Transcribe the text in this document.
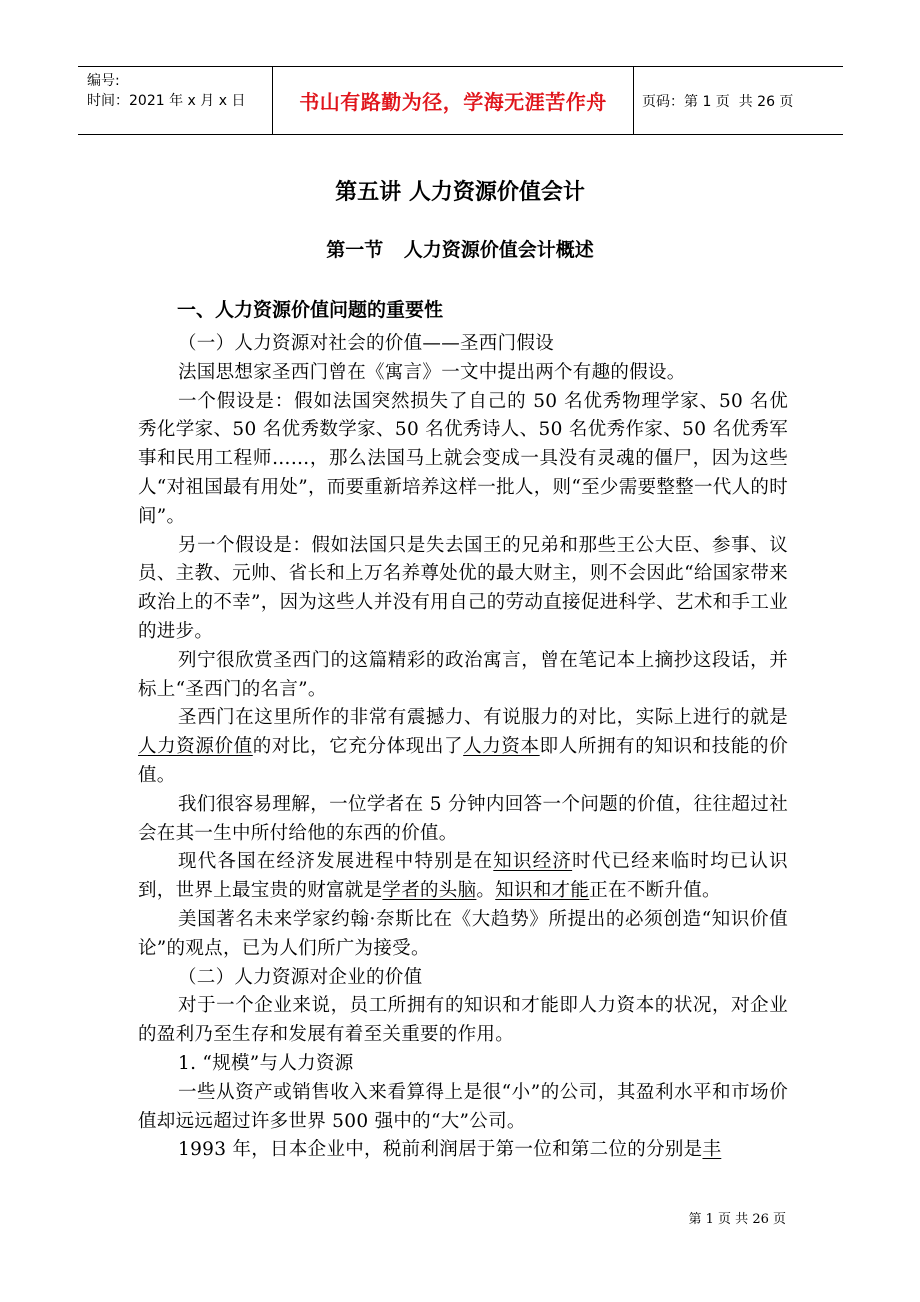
编号:
时间：2021 年 x 月 x 日	书山有路勤为径，学海无涯苦作舟	页码：第 1 页  共 26 页
第五讲 人力资源价值会计
第一节 人力资源价值会计概述
一、人力资源价值问题的重要性

（一）人力资源对社会的价值——圣西门假设

法国思想家圣西门曾在《寓言》一文中提出两个有趣的假设。

一个假设是：假如法国突然损失了自己的 50 名优秀物理学家、50 名优秀化学家、50 名优秀数学家、50 名优秀诗人、50 名优秀作家、50 名优秀军事和民用工程师……，那么法国马上就会变成一具没有灵魂的僵尸，因为这些人“对祖国最有用处”，而要重新培养这样一批人，则“至少需要整整一代人的时间”。

另一个假设是：假如法国只是失去国王的兄弟和那些王公大臣、参事、议员、主教、元帅、省长和上万名养尊处优的最大财主，则不会因此“给国家带来政治上的不幸”，因为这些人并没有用自己的劳动直接促进科学、艺术和手工业的进步。

列宁很欣赏圣西门的这篇精彩的政治寓言，曾在笔记本上摘抄这段话，并标上“圣西门的名言”。

圣西门在这里所作的非常有震撼力、有说服力的对比，实际上进行的就是人力资源价值的对比，它充分体现出了人力资本即人所拥有的知识和技能的价值。

我们很容易理解，一位学者在 5 分钟内回答一个问题的价值，往往超过社会在其一生中所付给他的东西的价值。

现代各国在经济发展进程中特别是在知识经济时代已经来临时均已认识到，世界上最宝贵的财富就是学者的头脑。知识和才能正在不断升值。

美国著名未来学家约翰·奈斯比在《大趋势》所提出的必须创造“知识价值论”的观点，已为人们所广为接受。

（二）人力资源对企业的价值

对于一个企业来说，员工所拥有的知识和才能即人力资本的状况，对企业的盈利乃至生存和发展有着至关重要的作用。

1. “规模”与人力资源

一些从资产或销售收入来看算得上是很“小”的公司，其盈利水平和市场价值却远远超过许多世界 500 强中的“大”公司。

1993 年，日本企业中，税前利润居于第一位和第二位的分别是丰

第 1 页 共 26 页
